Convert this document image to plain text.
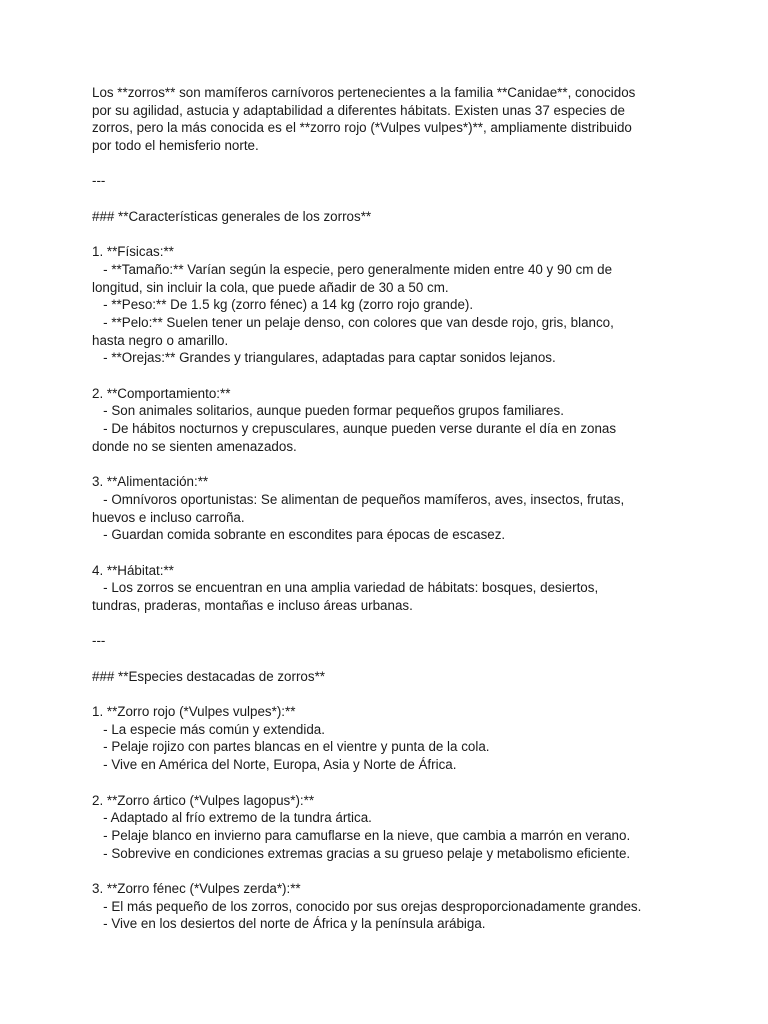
Los **zorros** son mamíferos carnívoros pertenecientes a la familia **Canidae**, conocidos
por su agilidad, astucia y adaptabilidad a diferentes hábitats. Existen unas 37 especies de
zorros, pero la más conocida es el **zorro rojo (*Vulpes vulpes*)**, ampliamente distribuido
por todo el hemisferio norte.
---
### **Características generales de los zorros**
1. **Físicas:**
- **Tamaño:** Varían según la especie, pero generalmente miden entre 40 y 90 cm de
longitud, sin incluir la cola, que puede añadir de 30 a 50 cm.
- **Peso:** De 1.5 kg (zorro fénec) a 14 kg (zorro rojo grande).
- **Pelo:** Suelen tener un pelaje denso, con colores que van desde rojo, gris, blanco,
hasta negro o amarillo.
- **Orejas:** Grandes y triangulares, adaptadas para captar sonidos lejanos.
2. **Comportamiento:**
- Son animales solitarios, aunque pueden formar pequeños grupos familiares.
- De hábitos nocturnos y crepusculares, aunque pueden verse durante el día en zonas
donde no se sienten amenazados.
3. **Alimentación:**
- Omnívoros oportunistas: Se alimentan de pequeños mamíferos, aves, insectos, frutas,
huevos e incluso carroña.
- Guardan comida sobrante en escondites para épocas de escasez.
4. **Hábitat:**
- Los zorros se encuentran en una amplia variedad de hábitats: bosques, desiertos,
tundras, praderas, montañas e incluso áreas urbanas.
---
### **Especies destacadas de zorros**
1. **Zorro rojo (*Vulpes vulpes*):**
- La especie más común y extendida.
- Pelaje rojizo con partes blancas en el vientre y punta de la cola.
- Vive en América del Norte, Europa, Asia y Norte de África.
2. **Zorro ártico (*Vulpes lagopus*):**
- Adaptado al frío extremo de la tundra ártica.
- Pelaje blanco en invierno para camuflarse en la nieve, que cambia a marrón en verano.
- Sobrevive en condiciones extremas gracias a su grueso pelaje y metabolismo eficiente.
3. **Zorro fénec (*Vulpes zerda*):**
- El más pequeño de los zorros, conocido por sus orejas desproporcionadamente grandes.
- Vive en los desiertos del norte de África y la península arábiga.
